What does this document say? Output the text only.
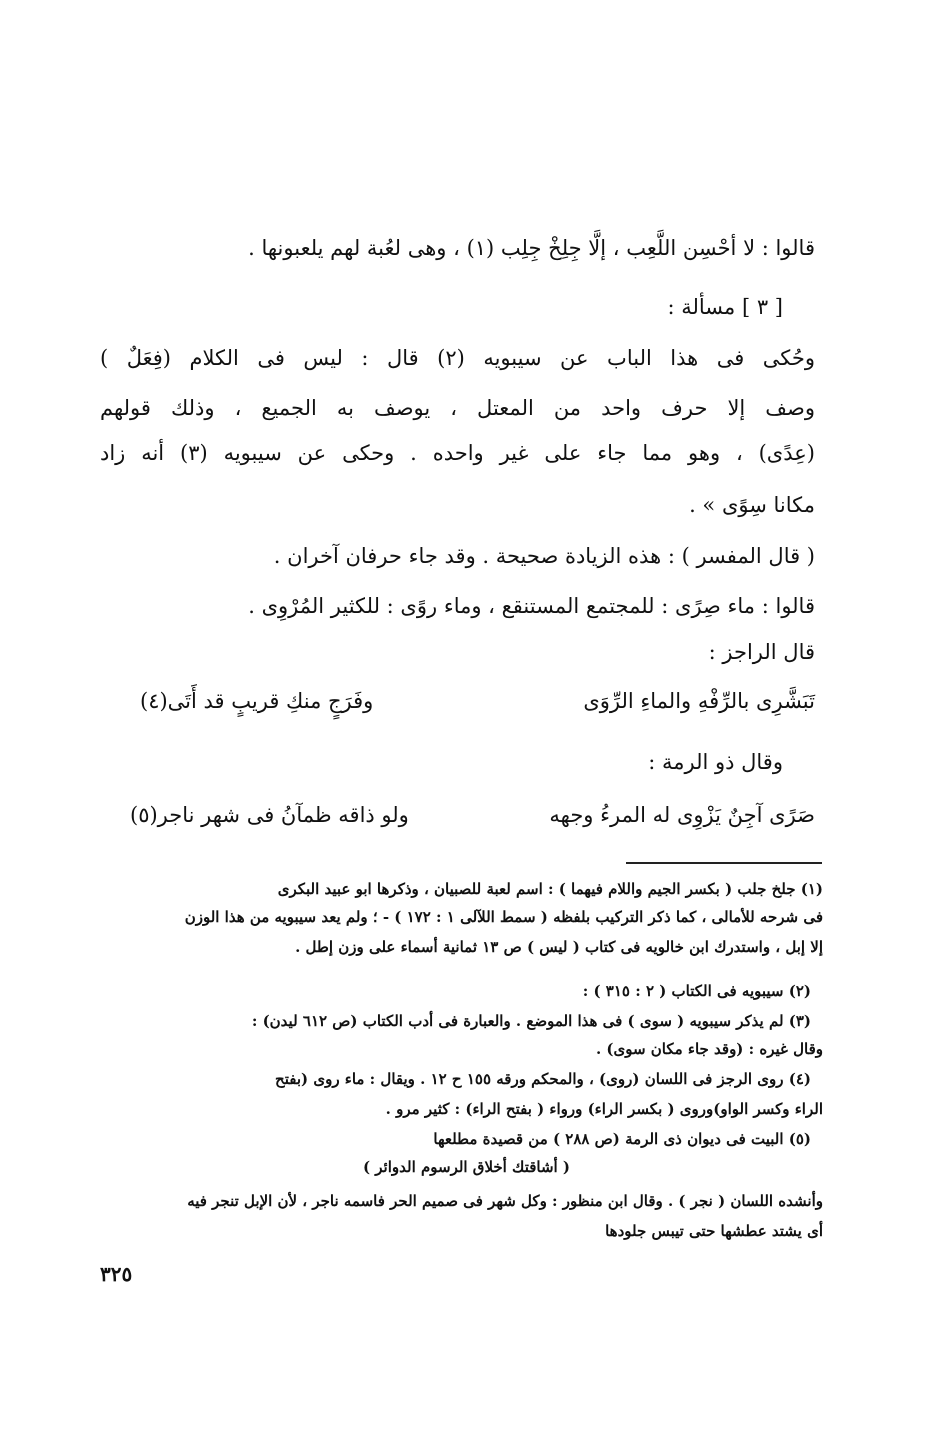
قالوا : لا أحْسِن اللَّعِب ، إلَّا جِلِخْ جِلِب (١) ، وهى لعُبة لهم يلعبونها .
[ ٣ ] مسألة :
وحُكى فى هذا الباب عن سيبويه (٢) قال : ليس فى الكلام (فِعَلٌ )
وصف إلا حرف واحد من المعتل ، يوصف به الجميع ، وذلك قولهم
(عِدًى) ، وهو مما جاء على غير واحده . وحكى عن سيبويه (٣) أنه زاد
مكانا سِوًى » .
( قال المفسر ) : هذه الزيادة صحيحة . وقد جاء حرفان آخران .
قالوا : ماء صِرًى : للمجتمع المستنقع ، وماء روًى : للكثير المُرْوِى .
قال الراجز :
تَبَشَّرِى بالرِّفْهِ والماءِ الرِّوَى
وفَرَجٍ منكِ قريبٍ قد أَتَى(٤)
وقال ذو الرمة :
صَرًى آجِنٌ يَزْوِى له المرءُ وجهه
ولو ذاقه ظمآنُ فى شهر ناجر(٥)
(١) جلخ جلب ( بكسر الجيم واللام فيهما ) : اسم لعبة للصبيان ، وذكرها ابو عبيد البكرى
فى شرحه للأمالى ، كما ذكر التركيب بلفظه ( سمط اللآلى ١ : ١٧٢ ) - ؛ ولم يعد سيبويه من هذا الوزن
إلا إبل ، واستدرك ابن خالويه فى كتاب ( ليس ) ص ١٣ ثمانية أسماء على وزن إطل .
(٢) سيبويه فى الكتاب ( ٢ : ٣١٥ ) :
(٣) لم يذكر سيبويه ( سوى ) فى هذا الموضع . والعبارة فى أدب الكتاب (ص ٦١٢ ليدن) :
وقال غيره : (وقد جاء مكان سوى) .
(٤) روى الرجز فى اللسان (روى) ، والمحكم ورقه ١٥٥ ح ١٢ . ويقال : ماء روى (بفتح
الراء وكسر الواو)وروى ( بكسر الراء) ورواء ( بفتح الراء) : كثير مرو .
(٥) البيت فى ديوان ذى الرمة (ص ٢٨٨ ) من قصيدة مطلعها
( أشاقتك أخلاق الرسوم الدوائر )
وأنشده اللسان ( نجر ) . وقال ابن منظور : وكل شهر فى صميم الحر فاسمه ناجر ، لأن الإبل تنجر فيه
أى يشتد عطشها حتى تيبس جلودها
٣٢٥
